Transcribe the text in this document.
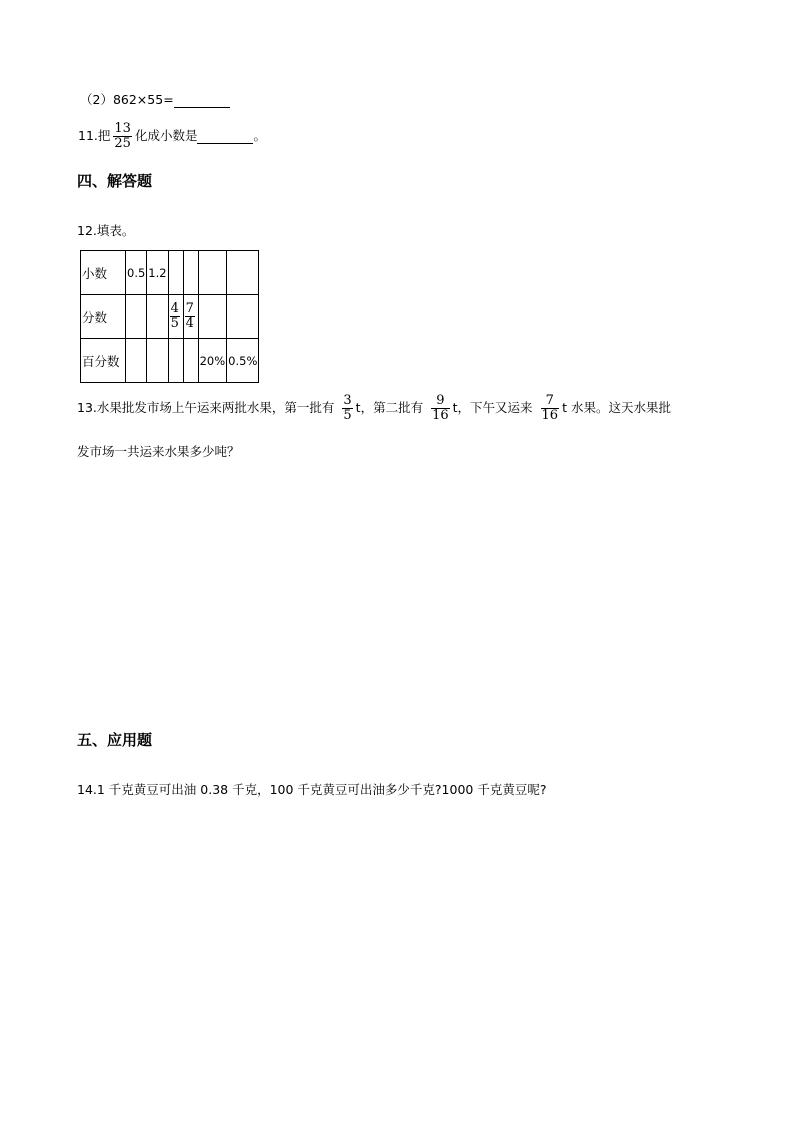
（2）862×55=
11.把 $\frac{13}{25}$ 化成小数是	。
四、解答题
12.填表。
小数	0.5	1.2				
分数			$\frac{4}{5}$	$\frac{7}{4}$

百分数					20%	0.5%
13.水果批发市场上午运来两批水果，第一批有 $\frac{3}{5}$ t，第二批有 $\frac{9}{16}$ t，下午又运来 $\frac{7}{16}$ t 水果。这天水果批
发市场一共运来水果多少吨？
五、应用题
14.1 千克黄豆可出油 0.38 千克，100 千克黄豆可出油多少千克?1000 千克黄豆呢?
